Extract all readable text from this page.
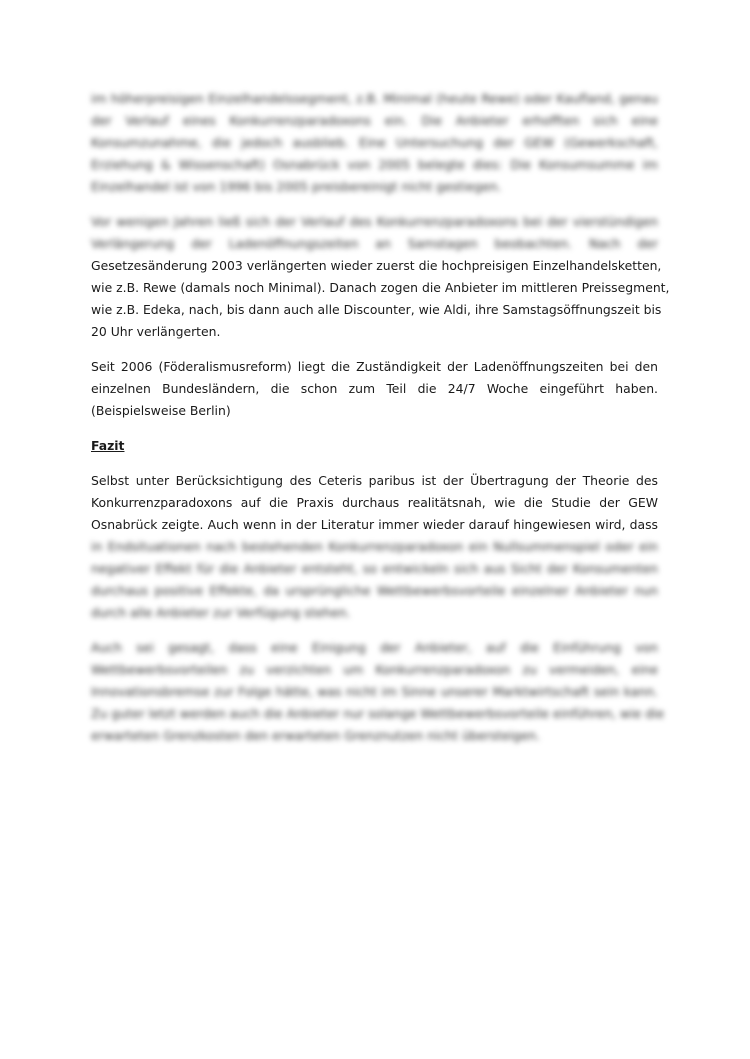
im höherpreisigen Einzelhandelssegment, z.B. Minimal (heute Rewe) oder Kaufland, genau
der Verlauf eines Konkurrenzparadoxons ein. Die Anbieter erhofften sich eine
Konsumzunahme, die jedoch ausblieb. Eine Untersuchung der GEW (Gewerkschaft,
Erziehung & Wissenschaft) Osnabrück von 2005 belegte dies: Die Konsumsumme im
Einzelhandel ist von 1996 bis 2005 preisbereinigt nicht gestiegen.
Vor wenigen Jahren ließ sich der Verlauf des Konkurrenzparadoxons bei der vierstündigen
Verlängerung der Ladenöffnungszeiten an Samstagen beobachten. Nach der
Gesetzesänderung 2003 verlängerten wieder zuerst die hochpreisigen Einzelhandelsketten,
wie z.B. Rewe (damals noch Minimal). Danach zogen die Anbieter im mittleren Preissegment,
wie z.B. Edeka, nach, bis dann auch alle Discounter, wie Aldi, ihre Samstagsöffnungszeit bis
20 Uhr verlängerten.
Seit 2006 (Föderalismusreform) liegt die Zuständigkeit der Ladenöffnungszeiten bei den
einzelnen Bundesländern, die schon zum Teil die 24/7 Woche eingeführt haben.
(Beispielsweise Berlin)
Fazit
Selbst unter Berücksichtigung des Ceteris paribus ist der Übertragung der Theorie des
Konkurrenzparadoxons auf die Praxis durchaus realitätsnah, wie die Studie der GEW
Osnabrück zeigte. Auch wenn in der Literatur immer wieder darauf hingewiesen wird, dass
in Endsituationen nach bestehenden Konkurrenzparadoxon ein Nullsummenspiel oder ein
negativer Effekt für die Anbieter entsteht, so entwickeln sich aus Sicht der Konsumenten
durchaus positive Effekte, da ursprüngliche Wettbewerbsvorteile einzelner Anbieter nun
durch alle Anbieter zur Verfügung stehen.
Auch sei gesagt, dass eine Einigung der Anbieter, auf die Einführung von
Wettbewerbsvorteilen zu verzichten um Konkurrenzparadoxon zu vermeiden, eine
Innovationsbremse zur Folge hätte, was nicht im Sinne unserer Marktwirtschaft sein kann.
Zu guter letzt werden auch die Anbieter nur solange Wettbewerbsvorteile einführen, wie die
erwarteten Grenzkosten den erwarteten Grenznutzen nicht übersteigen.
